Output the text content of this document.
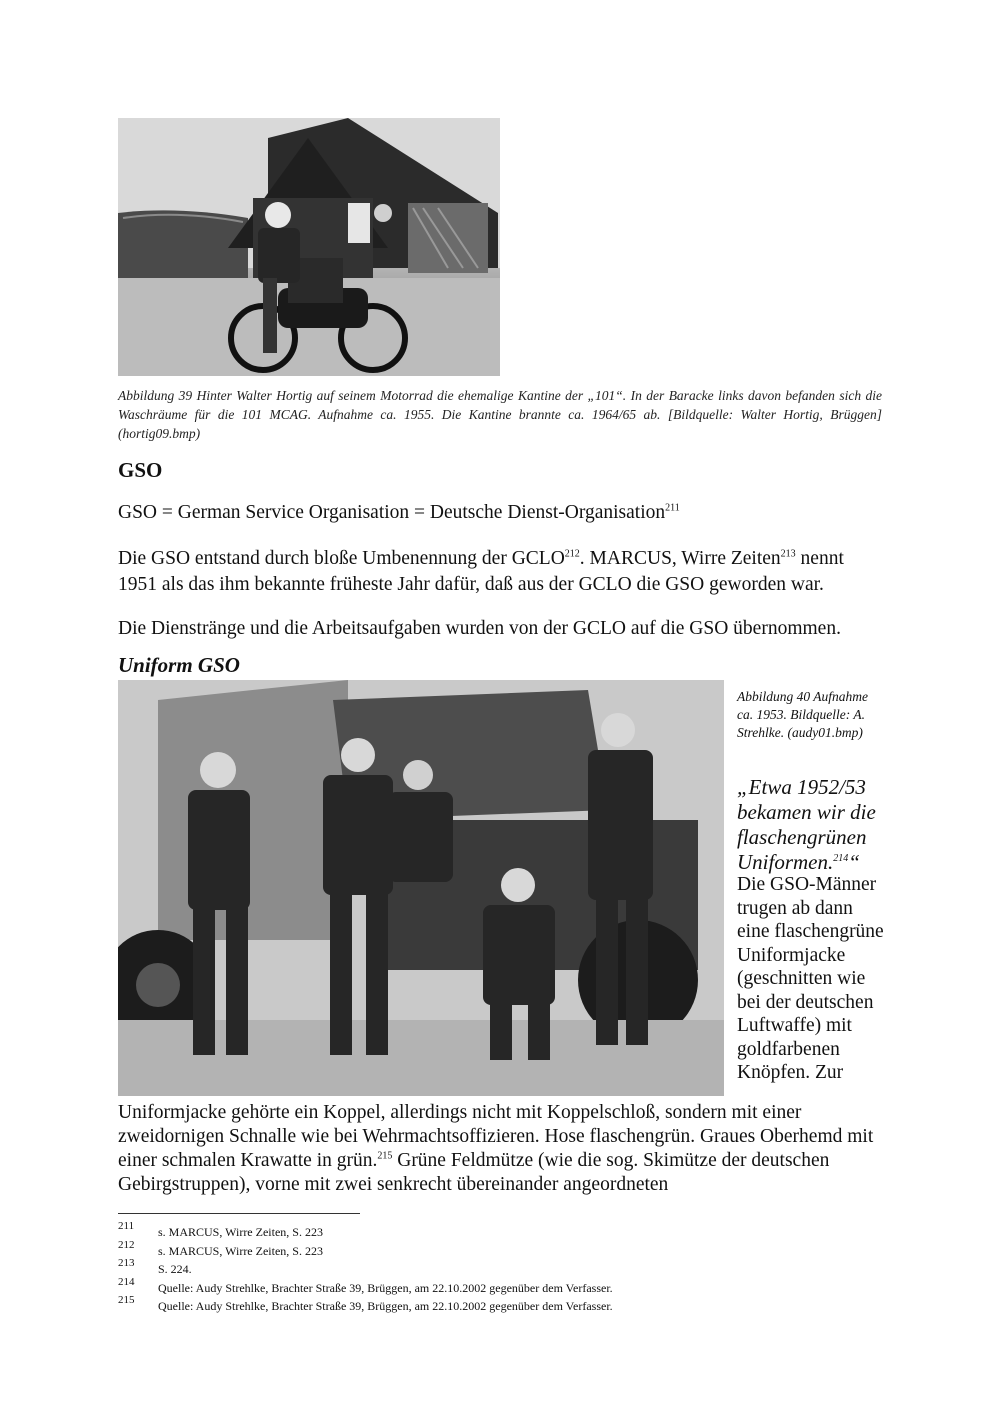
Abbildung 39 Hinter Walter Hortig auf seinem Motorrad die ehemalige Kantine der „101“. In der Baracke links davon befanden sich die Waschräume für die 101 MCAG. Aufnahme ca. 1955. Die Kantine brannte ca. 1964/65 ab. [Bildquelle: Walter Hortig, Brüggen] (hortig09.bmp)
GSO
GSO = German Service Organisation = Deutsche Dienst-Organisation$^{211}$
Die GSO entstand durch bloße Umbenennung der GCLO$^{212}$. MARCUS, Wirre Zeiten$^{213}$ nennt 1951 als das ihm bekannte früheste Jahr dafür, daß aus der GCLO die GSO geworden war.
Die Dienstränge und die Arbeitsaufgaben wurden von der GCLO auf die GSO übernommen.
Uniform GSO
Abbildung 40 Aufnahme ca. 1953. Bildquelle: A. Strehlke. (audy01.bmp)
„Etwa 1952/53 bekamen wir die flaschengrünen Uniformen.$^{214}$“
Die GSO-Männer trugen ab dann eine flaschengrüne Uniformjacke (geschnitten wie bei der deutschen Luftwaffe) mit goldfarbenen Knöpfen. Zur
Uniformjacke gehörte ein Koppel, allerdings nicht mit Koppelschloß, sondern mit einer zweidornigen Schnalle wie bei Wehrmachtsoffizieren. Hose flaschengrün. Graues Oberhemd mit einer schmalen Krawatte in grün.$^{215}$ Grüne Feldmütze (wie die sog. Skimütze der deutschen Gebirgstruppen), vorne mit zwei senkrecht übereinander angeordneten
211 s. MARCUS, Wirre Zeiten, S. 223
212 s. MARCUS, Wirre Zeiten, S. 223
213 S. 224.
214 Quelle: Audy Strehlke, Brachter Straße 39, Brüggen, am 22.10.2002 gegenüber dem Verfasser.
215 Quelle: Audy Strehlke, Brachter Straße 39, Brüggen, am 22.10.2002 gegenüber dem Verfasser.
